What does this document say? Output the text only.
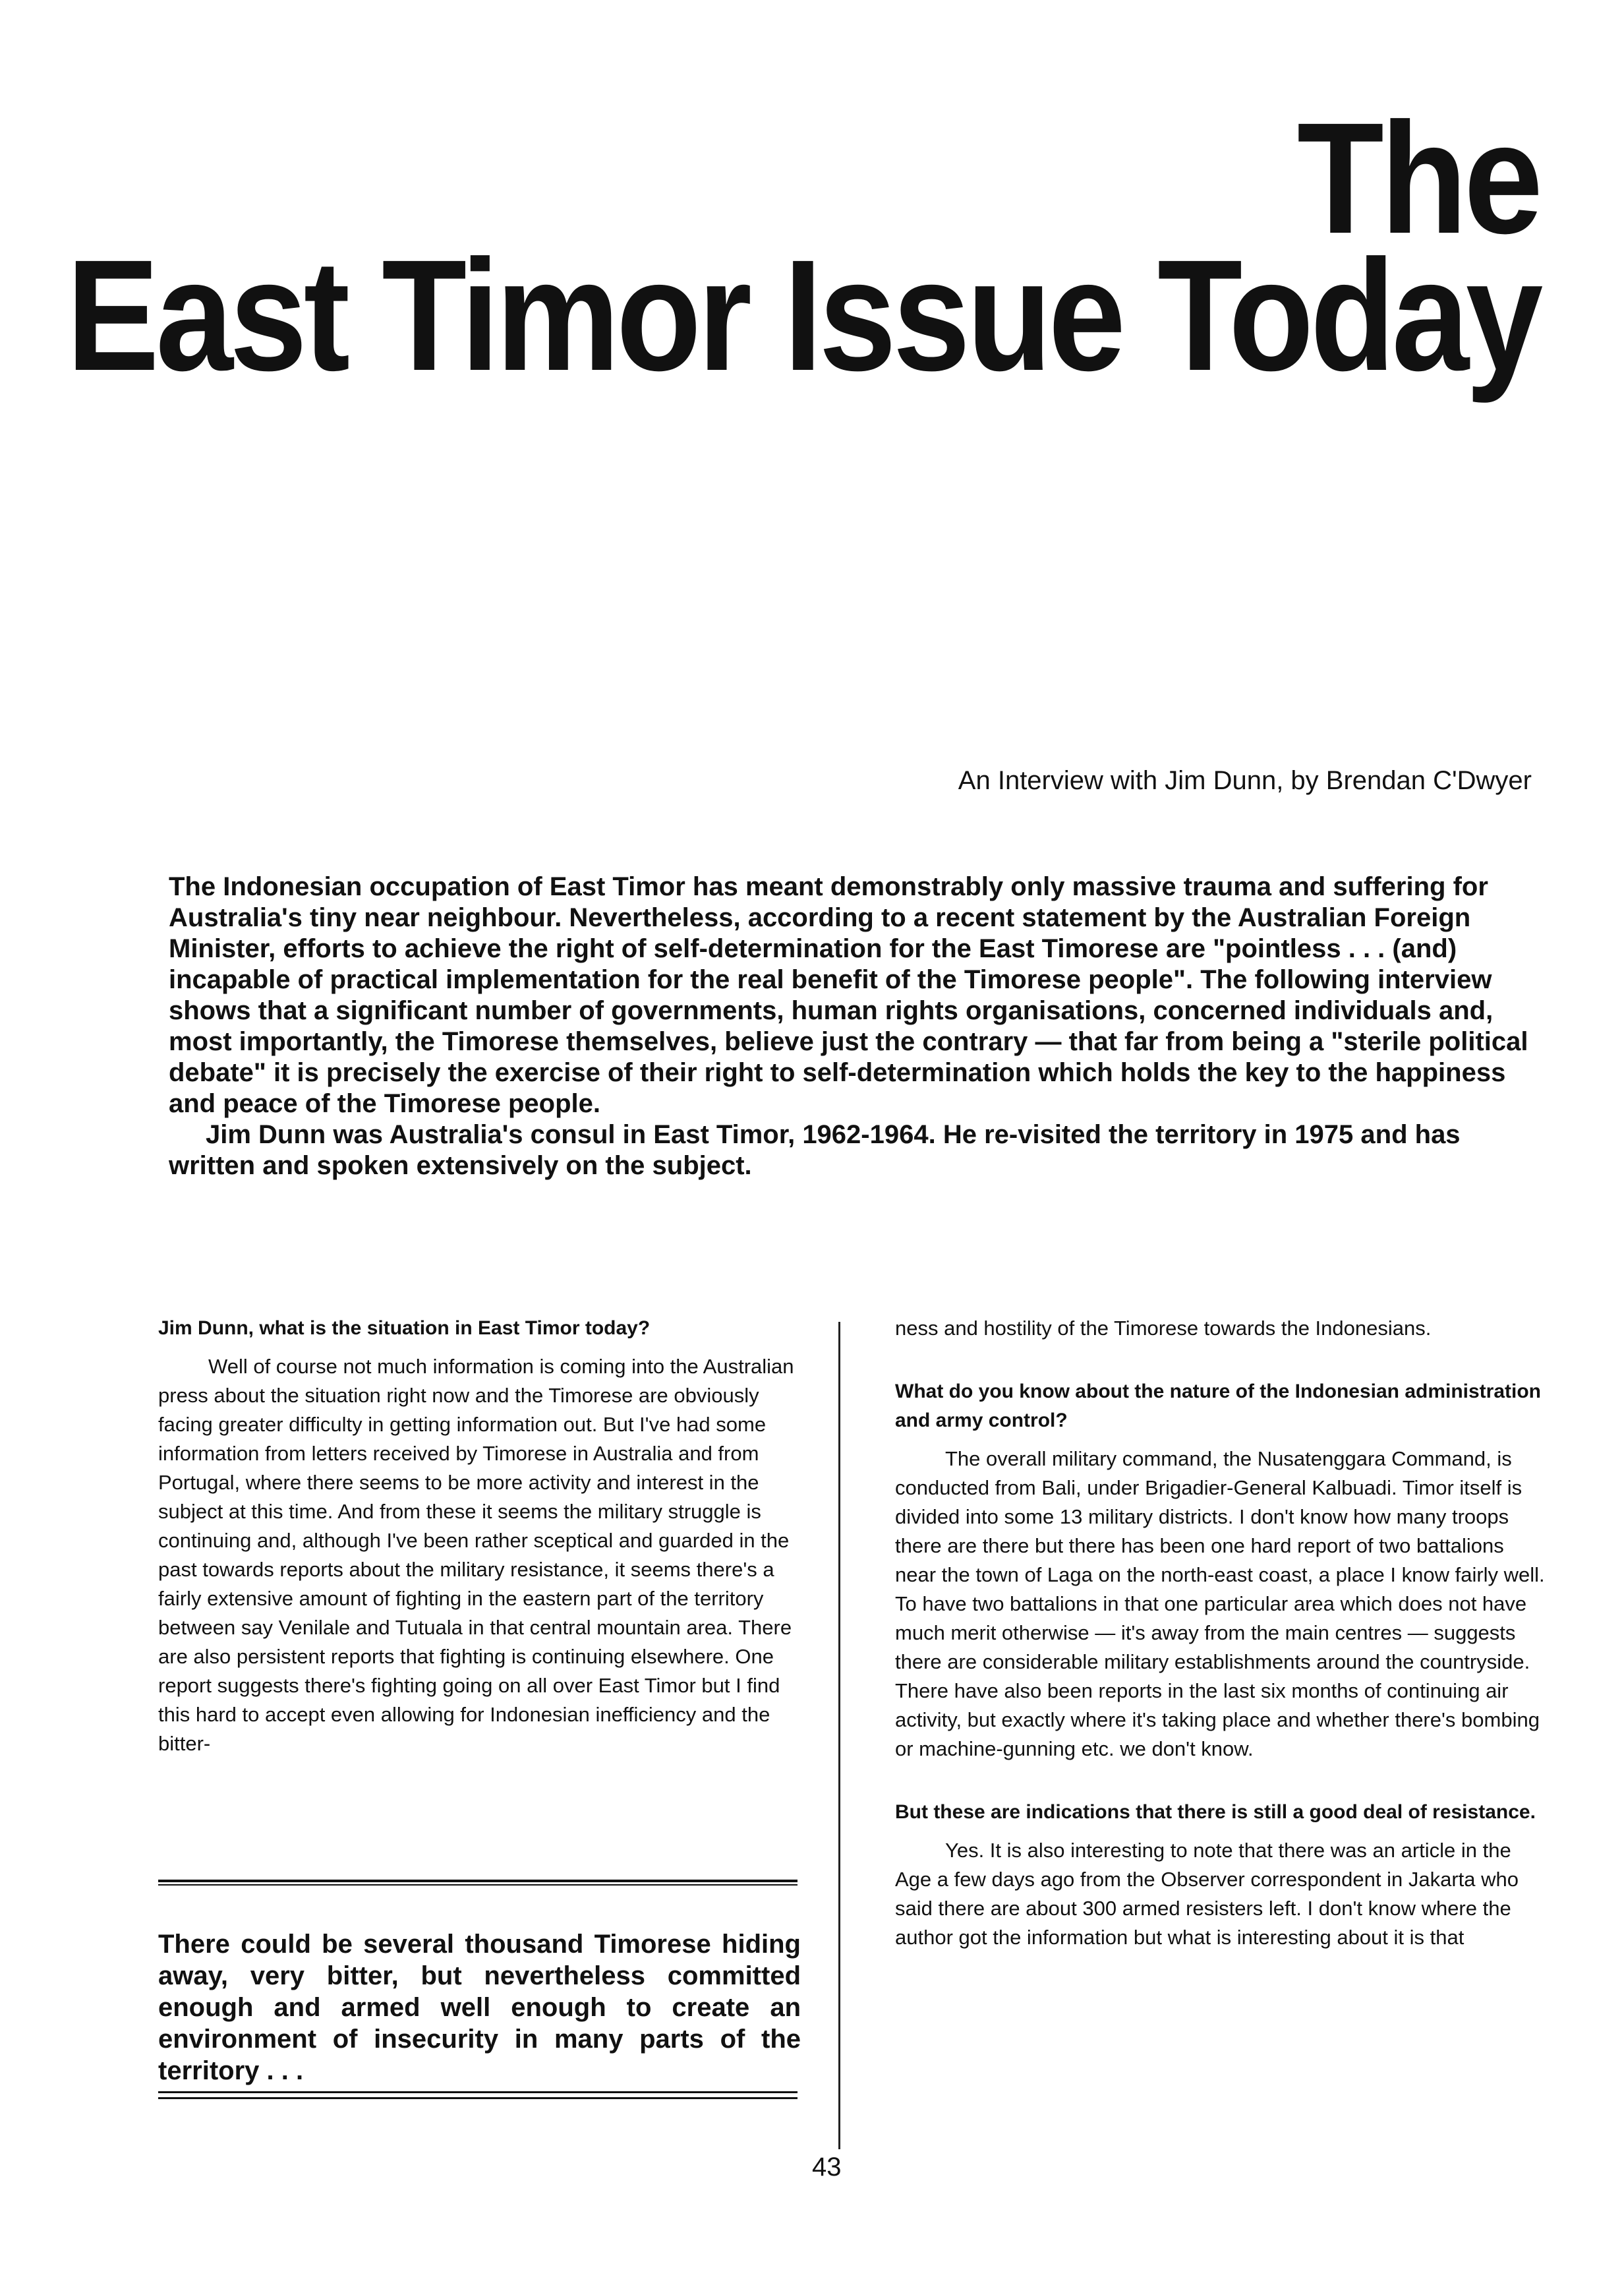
The
East Timor Issue Today
An Interview with Jim Dunn, by Brendan C'Dwyer

The Indonesian occupation of East Timor has meant demonstrably only massive trauma and suffering for Australia's tiny near neighbour. Nevertheless, according to a recent statement by the Australian Foreign Minister, efforts to achieve the right of self-determination for the East Timorese are "pointless . . . (and) incapable of practical implementation for the real benefit of the Timorese people". The following interview shows that a significant number of governments, human rights organisations, concerned individuals and, most importantly, the Timorese themselves, believe just the contrary — that far from being a "sterile political debate" it is precisely the exercise of their right to self-determination which holds the key to the happiness and peace of the Timorese people.

Jim Dunn was Australia's consul in East Timor, 1962-1964. He re-visited the territory in 1975 and has written and spoken extensively on the subject.

Jim Dunn, what is the situation in East Timor today?

Well of course not much information is coming into the Australian press about the situation right now and the Timorese are obviously facing greater difficulty in getting information out. But I've had some information from letters received by Timorese in Australia and from Portugal, where there seems to be more activity and interest in the subject at this time. And from these it seems the military struggle is continuing and, although I've been rather sceptical and guarded in the past towards reports about the military resistance, it seems there's a fairly extensive amount of fighting in the eastern part of the territory between say Venilale and Tutuala in that central mountain area. There are also persistent reports that fighting is continuing elsewhere. One report suggests there's fighting going on all over East Timor but I find this hard to accept even allowing for Indonesian inefficiency and the bitter-

There could be several thousand Timorese hiding away, very bitter, but nevertheless committed enough and armed well enough to create an environment of insecurity in many parts of the territory . . .

ness and hostility of the Timorese towards the Indonesians.

What do you know about the nature of the Indonesian administration and army control?

The overall military command, the Nusatenggara Command, is conducted from Bali, under Brigadier-General Kalbuadi. Timor itself is divided into some 13 military districts. I don't know how many troops there are there but there has been one hard report of two battalions near the town of Laga on the north-east coast, a place I know fairly well. To have two battalions in that one particular area which does not have much merit otherwise — it's away from the main centres — suggests there are considerable military establishments around the countryside. There have also been reports in the last six months of continuing air activity, but exactly where it's taking place and whether there's bombing or machine-gunning etc. we don't know.

But these are indications that there is still a good deal of resistance.

Yes. It is also interesting to note that there was an article in the Age a few days ago from the Observer correspondent in Jakarta who said there are about 300 armed resisters left. I don't know where the author got the information but what is interesting about it is that

43
